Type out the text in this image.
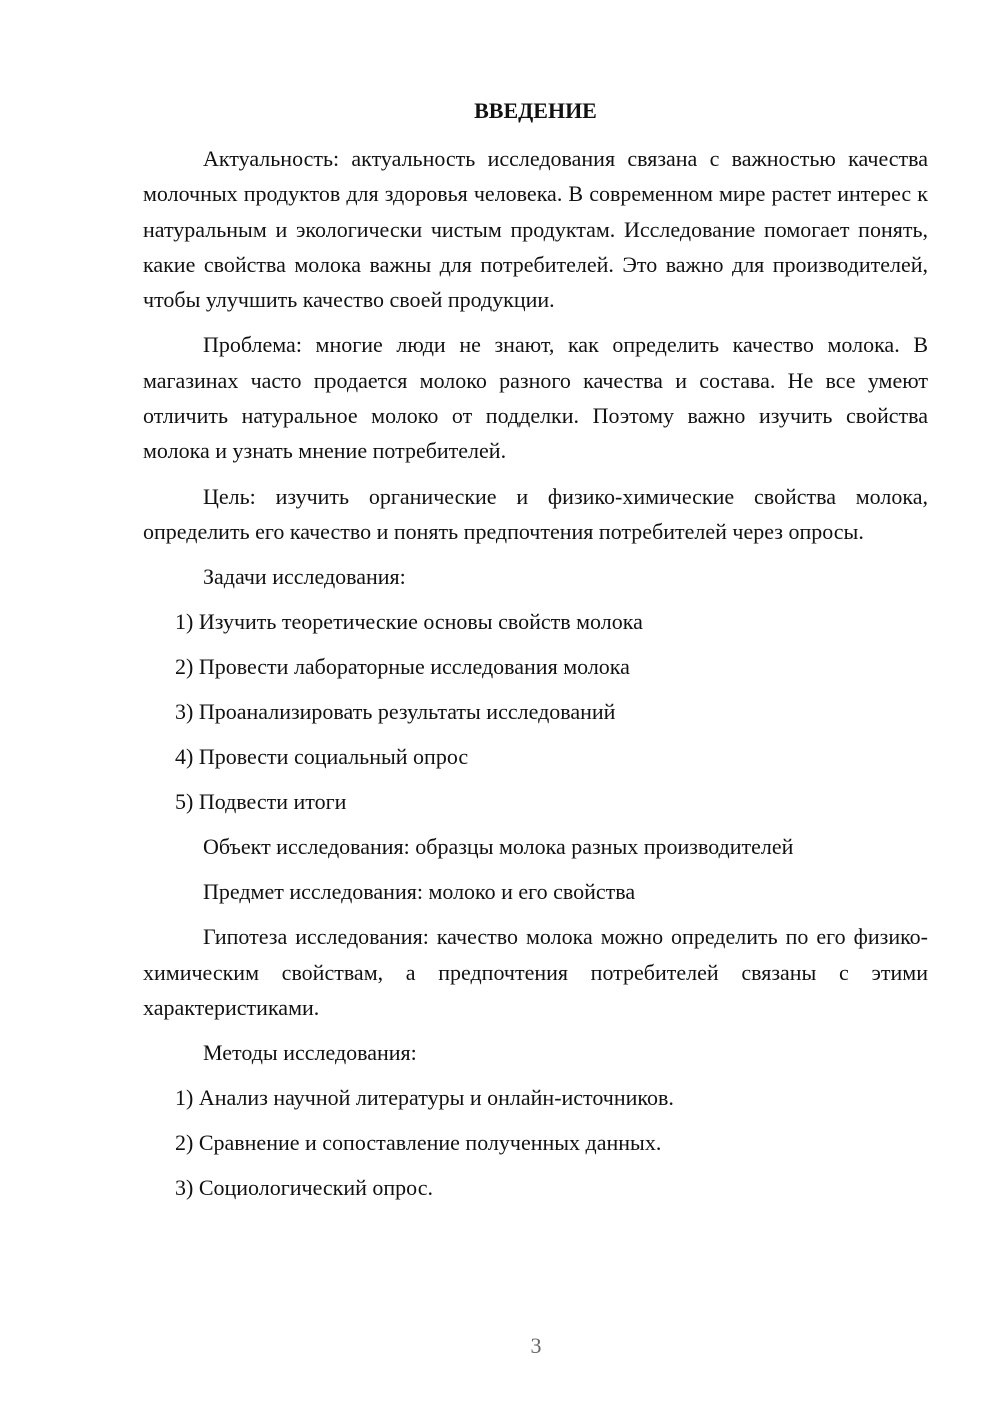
ВВЕДЕНИЕ

Актуальность: актуальность исследования связана с важностью качества молочных продуктов для здоровья человека. В современном мире растет интерес к натуральным и экологически чистым продуктам. Исследование помогает понять, какие свойства молока важны для потребителей. Это важно для производителей, чтобы улучшить качество своей продукции.

Проблема: многие люди не знают, как определить качество молока. В магазинах часто продается молоко разного качества и состава. Не все умеют отличить натуральное молоко от подделки. Поэтому важно изучить свойства молока и узнать мнение потребителей.

Цель: изучить органические и физико-химические свойства молока, определить его качество и понять предпочтения потребителей через опросы.

Задачи исследования:
1) Изучить теоретические основы свойств молока
2) Провести лабораторные исследования молока
3) Проанализировать результаты исследований
4) Провести социальный опрос
5) Подвести итоги
Объект исследования: образцы молока разных производителей
Предмет исследования: молоко и его свойства

Гипотеза исследования: качество молока можно определить по его физико-химическим свойствам, а предпочтения потребителей связаны с этими характеристиками.

Методы исследования:
1) Анализ научной литературы и онлайн-источников.
2) Сравнение и сопоставление полученных данных.
3) Социологический опрос.
3
